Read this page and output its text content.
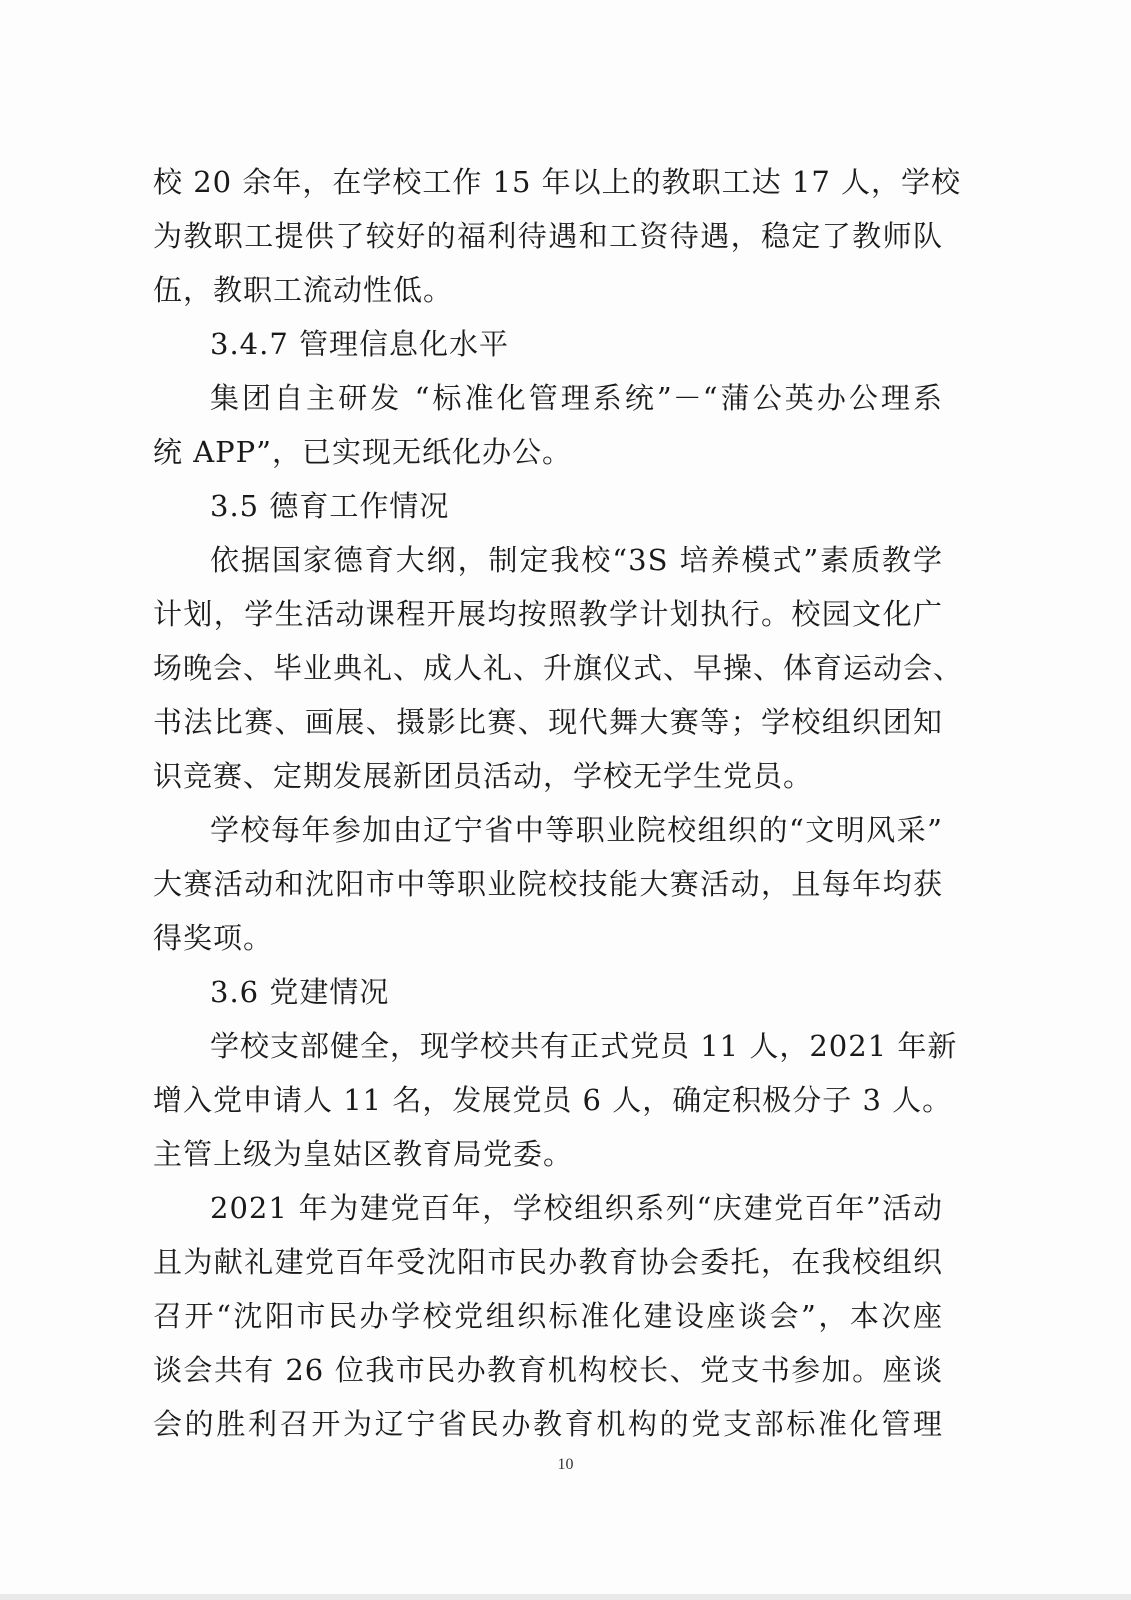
校 20 余年，在学校工作 15 年以上的教职工达 17 人，学校
为教职工提供了较好的福利待遇和工资待遇，稳定了教师队
伍，教职工流动性低。
3.4.7 管理信息化水平
集团自主研发 “标准化管理系统”－“蒲公英办公理系
统 APP”，已实现无纸化办公。
3.5 德育工作情况
依据国家德育大纲，制定我校“3S 培养模式”素质教学
计划，学生活动课程开展均按照教学计划执行。校园文化广
场晚会、毕业典礼、成人礼、升旗仪式、早操、体育运动会、
书法比赛、画展、摄影比赛、现代舞大赛等；学校组织团知
识竞赛、定期发展新团员活动，学校无学生党员。
学校每年参加由辽宁省中等职业院校组织的“文明风采”
大赛活动和沈阳市中等职业院校技能大赛活动，且每年均获
得奖项。
3.6 党建情况
学校支部健全，现学校共有正式党员 11 人，2021 年新
增入党申请人 11 名，发展党员 6 人，确定积极分子 3 人。
主管上级为皇姑区教育局党委。
2021 年为建党百年，学校组织系列“庆建党百年”活动
且为献礼建党百年受沈阳市民办教育协会委托，在我校组织
召开“沈阳市民办学校党组织标准化建设座谈会”，本次座
谈会共有 26 位我市民办教育机构校长、党支书参加。座谈
会的胜利召开为辽宁省民办教育机构的党支部标准化管理
10
